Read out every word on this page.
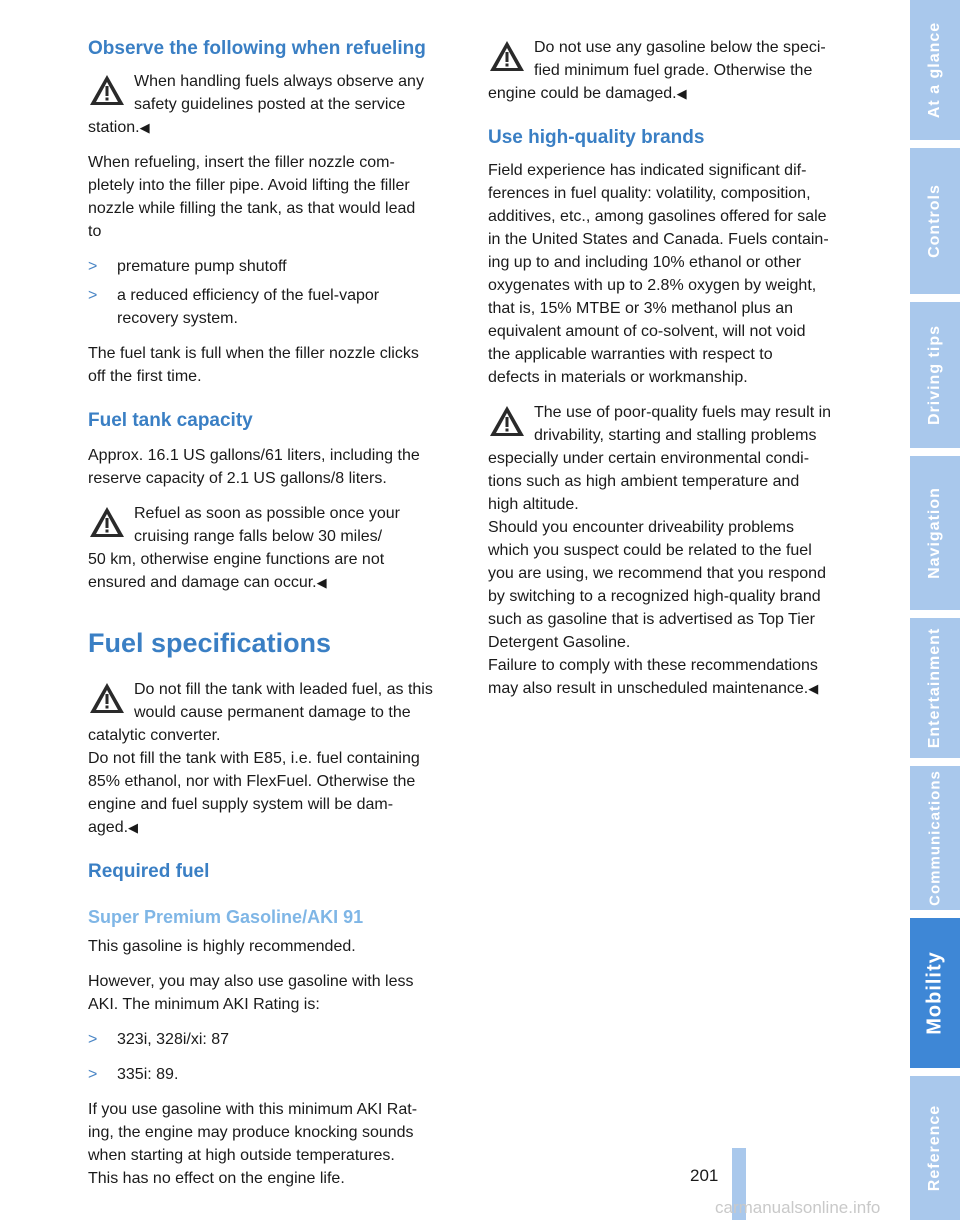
Observe the following when refueling

When handling fuels always observe any

safety guidelines posted at the service

station.◀

When refueling, insert the filler nozzle com-

pletely into the filler pipe. Avoid lifting the filler

nozzle while filling the tank, as that would lead

to

> premature pump shutoff
> a reduced efficiency of the fuel-vapor
recovery system.

The fuel tank is full when the filler nozzle clicks

off the first time.

Fuel tank capacity

Approx. 16.1 US gallons/61 liters, including the

reserve capacity of 2.1 US gallons/8 liters.

Refuel as soon as possible once your

cruising range falls below 30 miles/

50 km, otherwise engine functions are not

ensured and damage can occur.◀

Fuel specifications

Do not fill the tank with leaded fuel, as this

would cause permanent damage to the

catalytic converter.

Do not fill the tank with E85, i.e. fuel containing

85% ethanol, nor with FlexFuel. Otherwise the

engine and fuel supply system will be dam-

aged.◀

Required fuel
Super Premium Gasoline/AKI 91

This gasoline is highly recommended.

However, you may also use gasoline with less

AKI. The minimum AKI Rating is:

> 323i, 328i/xi: 87
> 335i: 89.

If you use gasoline with this minimum AKI Rat-

ing, the engine may produce knocking sounds

when starting at high outside temperatures.

This has no effect on the engine life.

Do not use any gasoline below the speci-

fied minimum fuel grade. Otherwise the

engine could be damaged.◀

Use high-quality brands

Field experience has indicated significant dif-

ferences in fuel quality: volatility, composition,

additives, etc., among gasolines offered for sale

in the United States and Canada. Fuels contain-

ing up to and including 10% ethanol or other

oxygenates with up to 2.8% oxygen by weight,

that is, 15% MTBE or 3% methanol plus an

equivalent amount of co-solvent, will not void

the applicable warranties with respect to

defects in materials or workmanship.

The use of poor-quality fuels may result in

drivability, starting and stalling problems

especially under certain environmental condi-

tions such as high ambient temperature and

high altitude.

Should you encounter driveability problems

which you suspect could be related to the fuel

you are using, we recommend that you respond

by switching to a recognized high-quality brand

such as gasoline that is advertised as Top Tier

Detergent Gasoline.

Failure to comply with these recommendations

may also result in unscheduled maintenance.◀

At a glance
Controls
Driving tips
Navigation
Entertainment
Communications
Mobility
Reference
201
carmanualsonline.info
